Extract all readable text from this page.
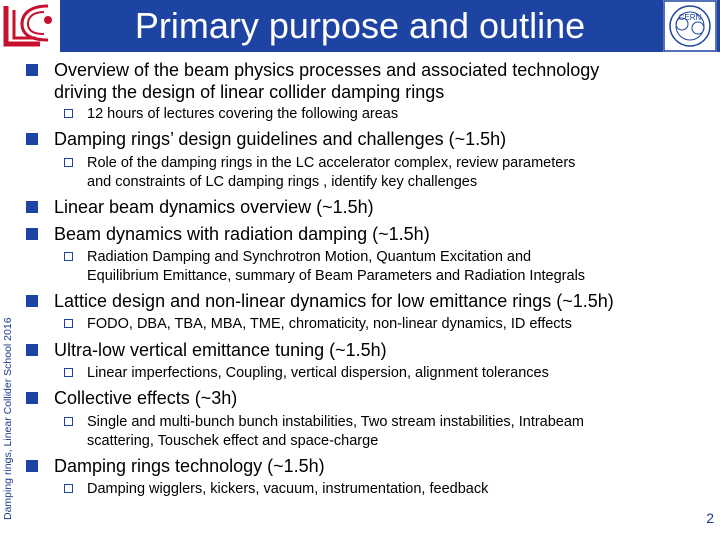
Primary purpose and outline	CERN
Damping rings, Linear Collider School 2016
Overview of the beam physics processes and associated technology
driving the design of linear collider damping rings
12 hours of lectures covering the following areas
Damping rings’ design guidelines and challenges (~1.5h)
Role of the damping rings in the LC accelerator complex, review parameters
and constraints of LC damping rings , identify key challenges
Linear beam dynamics overview (~1.5h)
Beam dynamics with radiation damping (~1.5h)
Radiation Damping and Synchrotron Motion, Quantum Excitation and
Equilibrium Emittance, summary of Beam Parameters and Radiation Integrals
Lattice design and non-linear dynamics for low emittance rings (~1.5h)
FODO, DBA, TBA, MBA, TME, chromaticity, non-linear dynamics, ID effects
Ultra-low vertical emittance tuning (~1.5h)
Linear imperfections, Coupling, vertical dispersion, alignment tolerances
Collective effects (~3h)
Single and multi-bunch bunch instabilities, Two stream instabilities, Intrabeam
scattering, Touschek effect and space-charge
Damping rings technology (~1.5h)
Damping wigglers, kickers, vacuum, instrumentation, feedback
2
